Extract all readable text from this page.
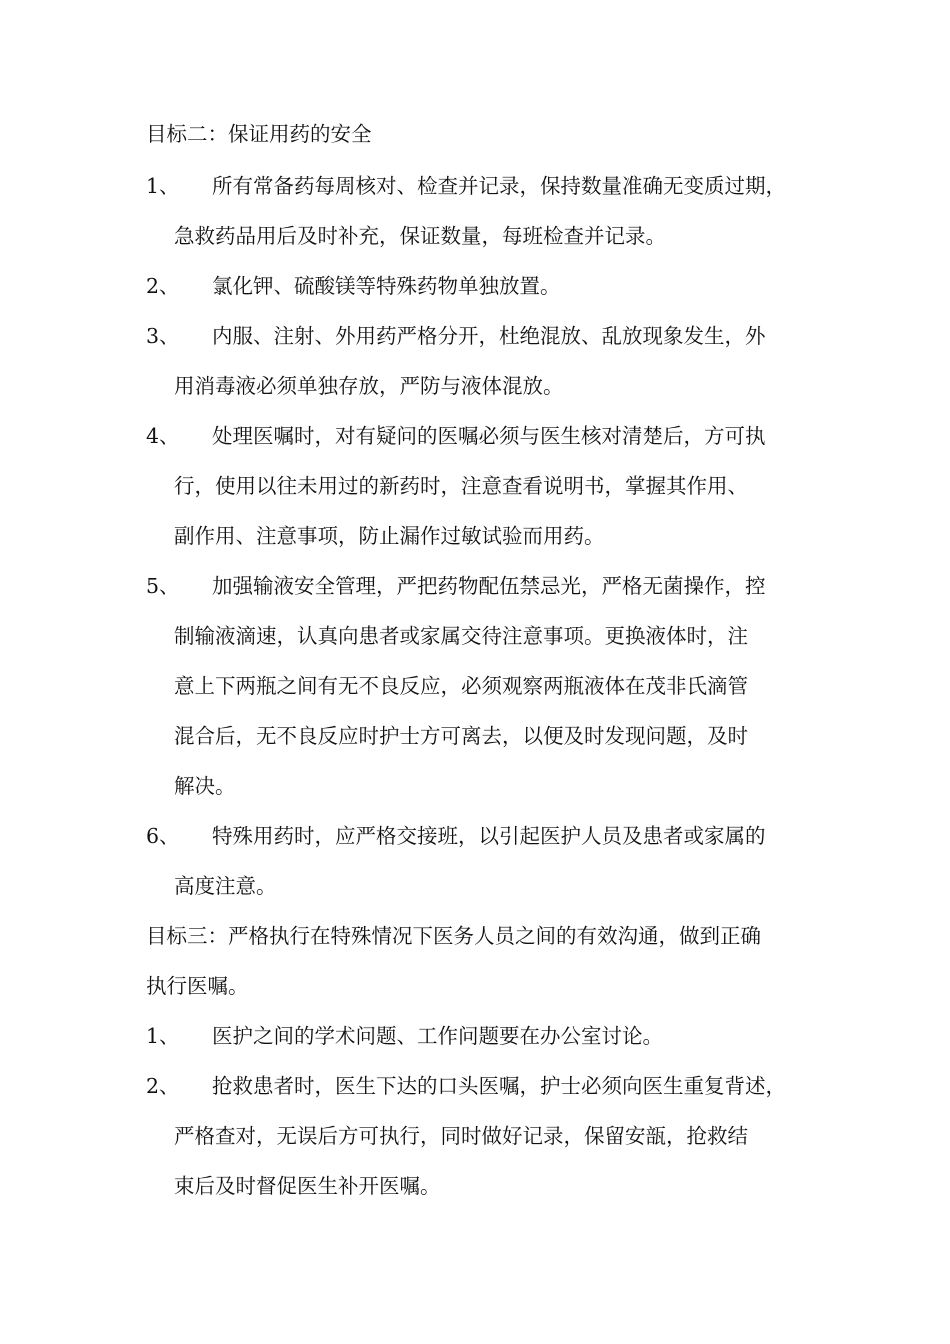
目标二：保证用药的安全
1、 所有常备药每周核对、检查并记录，保持数量准确无变质过期，
急救药品用后及时补充，保证数量，每班检查并记录。
2、 氯化钾、硫酸镁等特殊药物单独放置。
3、 内服、注射、外用药严格分开，杜绝混放、乱放现象发生，外
用消毒液必须单独存放，严防与液体混放。
4、 处理医嘱时，对有疑问的医嘱必须与医生核对清楚后，方可执
行，使用以往未用过的新药时，注意查看说明书，掌握其作用、
副作用、注意事项，防止漏作过敏试验而用药。
5、 加强输液安全管理，严把药物配伍禁忌光，严格无菌操作，控
制输液滴速，认真向患者或家属交待注意事项。更换液体时，注
意上下两瓶之间有无不良反应，必须观察两瓶液体在茂非氏滴管
混合后，无不良反应时护士方可离去，以便及时发现问题，及时
解决。
6、 特殊用药时，应严格交接班，以引起医护人员及患者或家属的
高度注意。
目标三：严格执行在特殊情况下医务人员之间的有效沟通，做到正确
执行医嘱。
1、 医护之间的学术问题、工作问题要在办公室讨论。
2、 抢救患者时，医生下达的口头医嘱，护士必须向医生重复背述，
严格查对，无误后方可执行，同时做好记录，保留安瓿，抢救结
束后及时督促医生补开医嘱。
